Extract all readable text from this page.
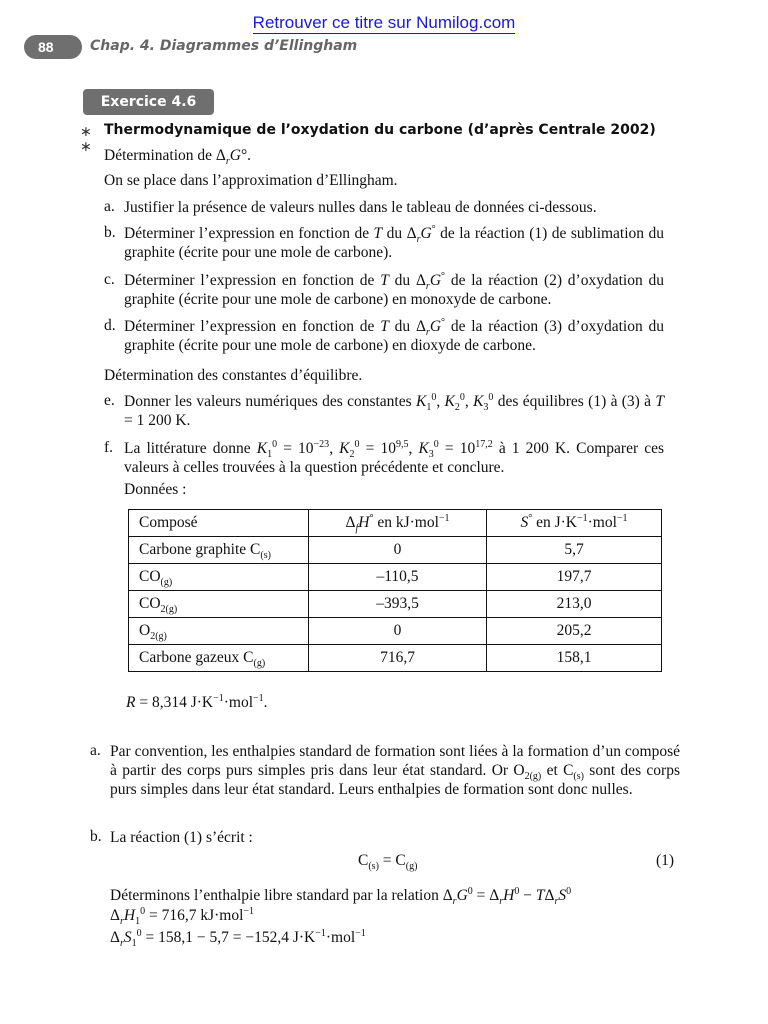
Retrouver ce titre sur Numilog.com
88	Chap. 4. Diagrammes d’Ellingham
Exercice 4.6
∗
∗
Thermodynamique de l’oxydation du carbone (d’après Centrale 2002)
Détermination de $\Delta_rG^\circ$.
On se place dans l’approximation d’Ellingham.
a. Justifier la présence de valeurs nulles dans le tableau de données ci-dessous.
b. Déterminer l’expression en fonction de T du $\Delta_rG^\circ$ de la réaction (1) de sublimation du graphite (écrite pour une mole de carbone).
c. Déterminer l’expression en fonction de T du $\Delta_rG^\circ$ de la réaction (2) d’oxydation du graphite (écrite pour une mole de carbone) en monoxyde de carbone.
d. Déterminer l’expression en fonction de T du $\Delta_rG^\circ$ de la réaction (3) d’oxydation du graphite (écrite pour une mole de carbone) en dioxyde de carbone.
Détermination des constantes d’équilibre.
e. Donner les valeurs numériques des constantes $K_1^0$, $K_2^0$, $K_3^0$ des équilibres (1) à (3) à T = 1 200 K.
f. La littérature donne $K_1^0 = 10^{-23}$, $K_2^0 = 10^{9,5}$, $K_3^0 = 10^{17,2}$ à 1 200 K. Comparer ces valeurs à celles trouvées à la question précédente et conclure.
Données :
Composé	$\Delta_fH^\circ$ en kJ·mol$^{-1}$	S° en $J\cdot K^{-1}\cdot mol^{-1}$
Carbone graphite $C_{(s)}$	0	5,7
$CO_{(g)}$	–110,5	197,7
$CO_{2(g)}$	–393,5	213,0
$O_{2(g)}$	0	205,2
Carbone gazeux $C_{(g)}$	716,7	158,1
R = 8,314 $J\cdot K^{-1}\cdot mol^{-1}$.
a. Par convention, les enthalpies standard de formation sont liées à la formation d’un composé à partir des corps purs simples pris dans leur état standard. Or $O_{2(g)}$ et $C_{(s)}$ sont des corps purs simples dans leur état standard. Leurs enthalpies de formation sont donc nulles.
b. La réaction (1) s’écrit :
$C_{(s)} = C_{(g)}$	(1)
Déterminons l’enthalpie libre standard par la relation $\Delta_rG^0 = \Delta_rH^0 - T\Delta_rS^0$
$\Delta_rH_1^0 = 716,7$ kJ·mol$^{-1}$
$\Delta_rS_1^0 = 158,1 - 5,7 = -152,4$ $J\cdot K^{-1}\cdot mol^{-1}$
